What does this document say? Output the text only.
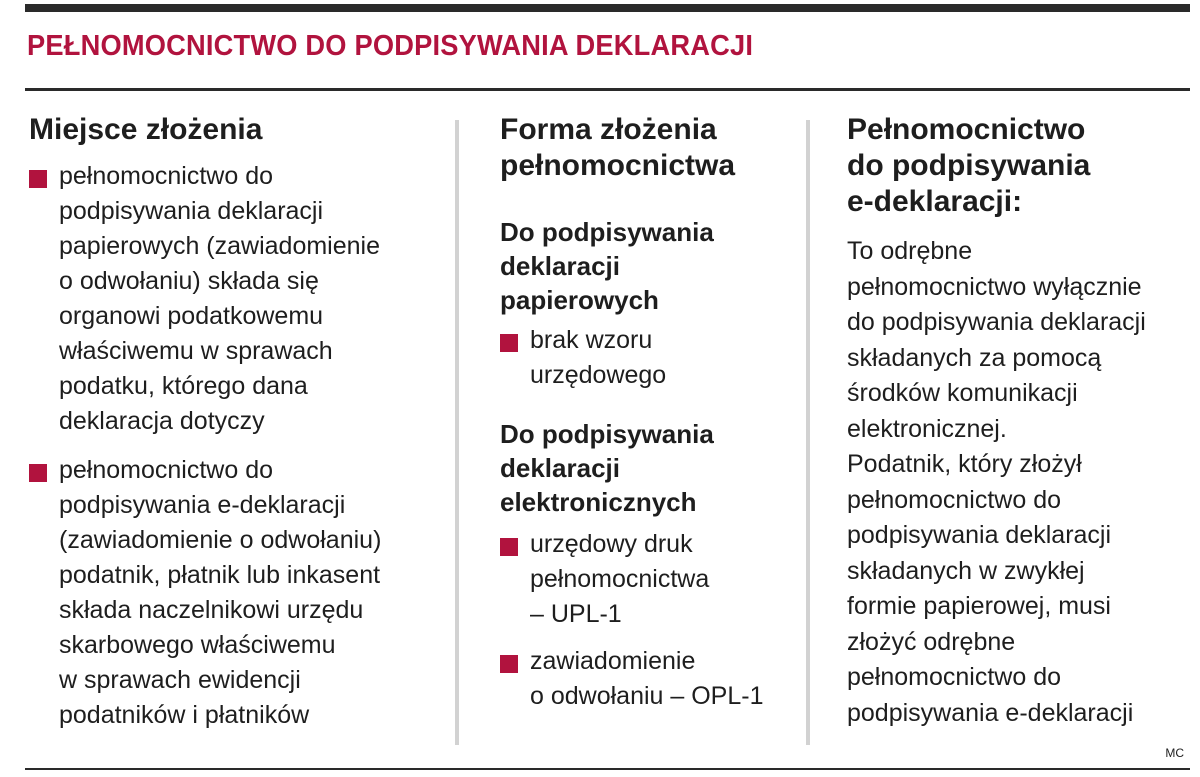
PEŁNOMOCNICTWO DO PODPISYWANIA DEKLARACJI
Miejsce złożenia
pełnomocnictwo do
podpisywania deklaracji
papierowych (zawiadomienie
o odwołaniu) składa się
organowi podatkowemu
właściwemu w sprawach
podatku, którego dana
deklaracja dotyczy
pełnomocnictwo do
podpisywania e-deklaracji
(zawiadomienie o odwołaniu)
podatnik, płatnik lub inkasent
składa naczelnikowi urzędu
skarbowego właściwemu
w sprawach ewidencji
podatników i płatników
Forma złożenia
pełnomocnictwa
Do podpisywania
deklaracji
papierowych
brak wzoru
urzędowego
Do podpisywania
deklaracji
elektronicznych
urzędowy druk
pełnomocnictwa
– UPL-1
zawiadomienie
o odwołaniu – OPL-1
Pełnomocnictwo
do podpisywania
e-deklaracji:
To odrębne
pełnomocnictwo wyłącznie
do podpisywania deklaracji
składanych za pomocą
środków komunikacji
elektronicznej.
Podatnik, który złożył
pełnomocnictwo do
podpisywania deklaracji
składanych w zwykłej
formie papierowej, musi
złożyć odrębne
pełnomocnictwo do
podpisywania e-deklaracji
MC
